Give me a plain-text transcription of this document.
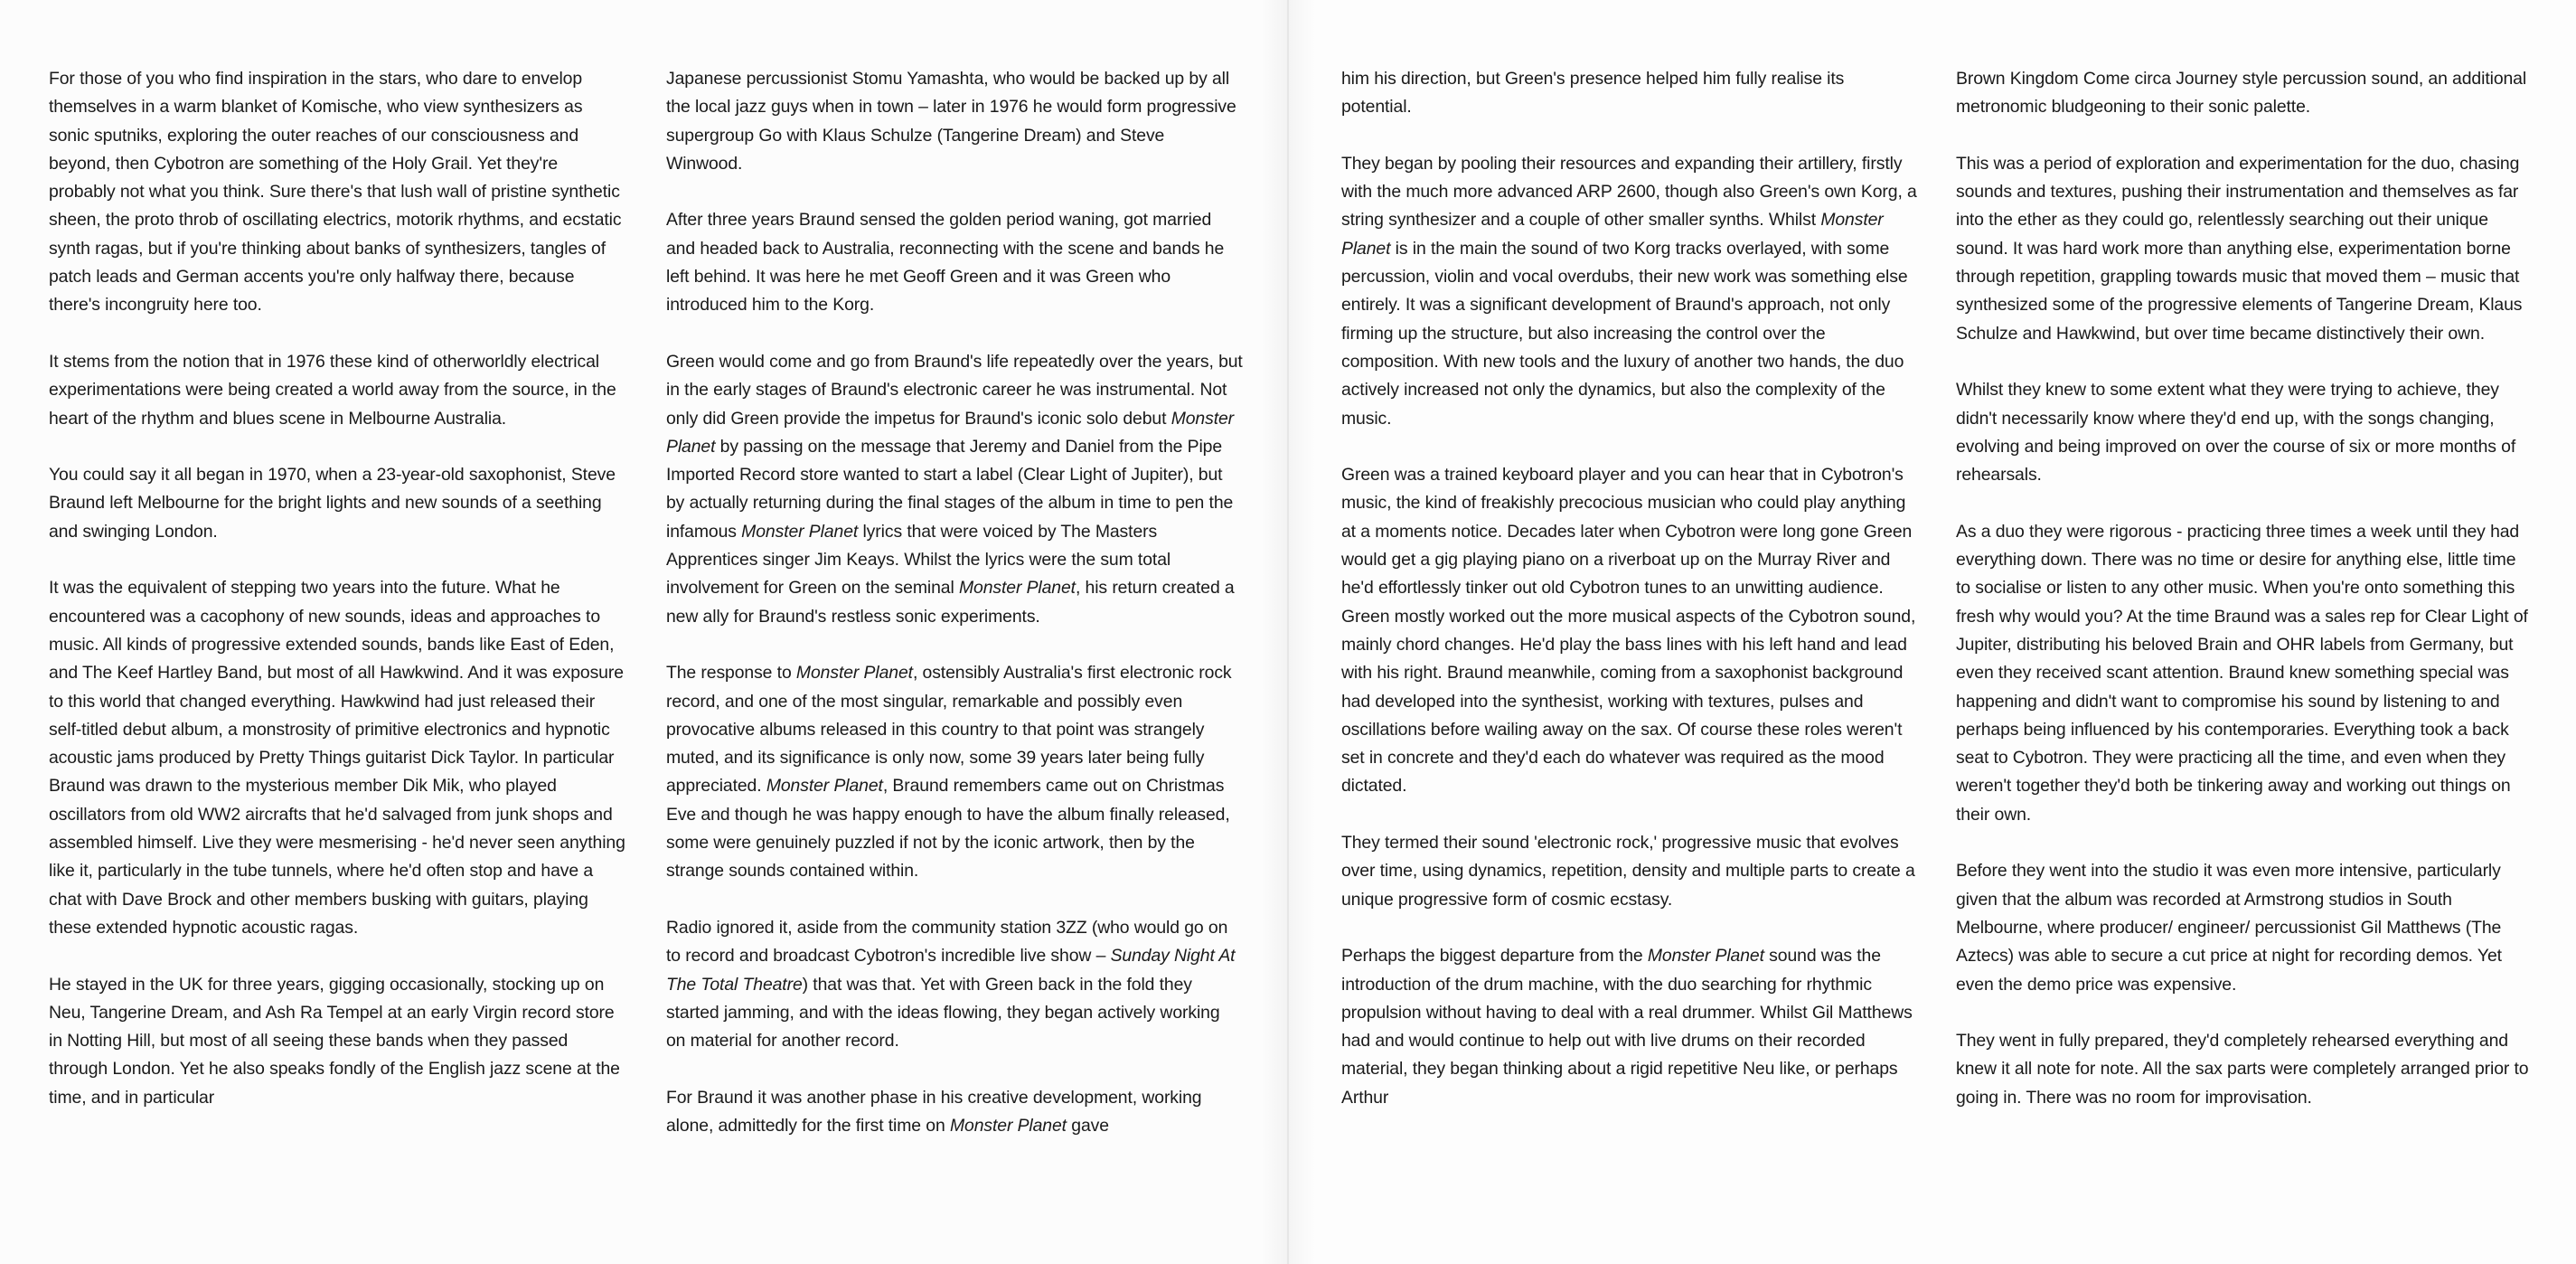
For those of you who find inspiration in the stars, who dare to envelop themselves in a warm blanket of Komische, who view synthesizers as sonic sputniks, exploring the outer reaches of our consciousness and beyond, then Cybotron are something of the Holy Grail. Yet they're probably not what you think. Sure there's that lush wall of pristine synthetic sheen, the proto throb of oscillating electrics, motorik rhythms, and ecstatic synth ragas, but if you're thinking about banks of synthesizers, tangles of patch leads and German accents you're only halfway there, because there's incongruity here too.

It stems from the notion that in 1976 these kind of otherworldly electrical experimentations were being created a world away from the source, in the heart of the rhythm and blues scene in Melbourne Australia.

You could say it all began in 1970, when a 23-year-old saxophonist, Steve Braund left Melbourne for the bright lights and new sounds of a seething and swinging London.

It was the equivalent of stepping two years into the future. What he encountered was a cacophony of new sounds, ideas and approaches to music. All kinds of progressive extended sounds, bands like East of Eden, and The Keef Hartley Band, but most of all Hawkwind. And it was exposure to this world that changed everything. Hawkwind had just released their self-titled debut album, a monstrosity of primitive electronics and hypnotic acoustic jams produced by Pretty Things guitarist Dick Taylor. In particular Braund was drawn to the mysterious member Dik Mik, who played oscillators from old WW2 aircrafts that he'd salvaged from junk shops and assembled himself. Live they were mesmerising - he'd never seen anything like it, particularly in the tube tunnels, where he'd often stop and have a chat with Dave Brock and other members busking with guitars, playing these extended hypnotic acoustic ragas.

He stayed in the UK for three years, gigging occasionally, stocking up on Neu, Tangerine Dream, and Ash Ra Tempel at an early Virgin record store in Notting Hill, but most of all seeing these bands when they passed through London. Yet he also speaks fondly of the English jazz scene at the time, and in particular

Japanese percussionist Stomu Yamashta, who would be backed up by all the local jazz guys when in town – later in 1976 he would form progressive supergroup Go with Klaus Schulze (Tangerine Dream) and Steve Winwood.

After three years Braund sensed the golden period waning, got married and headed back to Australia, reconnecting with the scene and bands he left behind. It was here he met Geoff Green and it was Green who introduced him to the Korg.

Green would come and go from Braund's life repeatedly over the years, but in the early stages of Braund's electronic career he was instrumental. Not only did Green provide the impetus for Braund's iconic solo debut Monster Planet by passing on the message that Jeremy and Daniel from the Pipe Imported Record store wanted to start a label (Clear Light of Jupiter), but by actually returning during the final stages of the album in time to pen the infamous Monster Planet lyrics that were voiced by The Masters Apprentices singer Jim Keays. Whilst the lyrics were the sum total involvement for Green on the seminal Monster Planet, his return created a new ally for Braund's restless sonic experiments.

The response to Monster Planet, ostensibly Australia's first electronic rock record, and one of the most singular, remarkable and possibly even provocative albums released in this country to that point was strangely muted, and its significance is only now, some 39 years later being fully appreciated. Monster Planet, Braund remembers came out on Christmas Eve and though he was happy enough to have the album finally released, some were genuinely puzzled if not by the iconic artwork, then by the strange sounds contained within.

Radio ignored it, aside from the community station 3ZZ (who would go on to record and broadcast Cybotron's incredible live show – Sunday Night At The Total Theatre) that was that. Yet with Green back in the fold they started jamming, and with the ideas flowing, they began actively working on material for another record.

For Braund it was another phase in his creative development, working alone, admittedly for the first time on Monster Planet gave

him his direction, but Green's presence helped him fully realise its potential.

They began by pooling their resources and expanding their artillery, firstly with the much more advanced ARP 2600, though also Green's own Korg, a string synthesizer and a couple of other smaller synths. Whilst Monster Planet is in the main the sound of two Korg tracks overlayed, with some percussion, violin and vocal overdubs, their new work was something else entirely. It was a significant development of Braund's approach, not only firming up the structure, but also increasing the control over the composition. With new tools and the luxury of another two hands, the duo actively increased not only the dynamics, but also the complexity of the music.

Green was a trained keyboard player and you can hear that in Cybotron's music, the kind of freakishly precocious musician who could play anything at a moments notice. Decades later when Cybotron were long gone Green would get a gig playing piano on a riverboat up on the Murray River and he'd effortlessly tinker out old Cybotron tunes to an unwitting audience. Green mostly worked out the more musical aspects of the Cybotron sound, mainly chord changes. He'd play the bass lines with his left hand and lead with his right. Braund meanwhile, coming from a saxophonist background had developed into the synthesist, working with textures, pulses and oscillations before wailing away on the sax. Of course these roles weren't set in concrete and they'd each do whatever was required as the mood dictated.

They termed their sound 'electronic rock,' progressive music that evolves over time, using dynamics, repetition, density and multiple parts to create a unique progressive form of cosmic ecstasy.

Perhaps the biggest departure from the Monster Planet sound was the introduction of the drum machine, with the duo searching for rhythmic propulsion without having to deal with a real drummer. Whilst Gil Matthews had and would continue to help out with live drums on their recorded material, they began thinking about a rigid repetitive Neu like, or perhaps Arthur

Brown Kingdom Come circa Journey style percussion sound, an additional metronomic bludgeoning to their sonic palette.

This was a period of exploration and experimentation for the duo, chasing sounds and textures, pushing their instrumentation and themselves as far into the ether as they could go, relentlessly searching out their unique sound. It was hard work more than anything else, experimentation borne through repetition, grappling towards music that moved them – music that synthesized some of the progressive elements of Tangerine Dream, Klaus Schulze and Hawkwind, but over time became distinctively their own.

Whilst they knew to some extent what they were trying to achieve, they didn't necessarily know where they'd end up, with the songs changing, evolving and being improved on over the course of six or more months of rehearsals.

As a duo they were rigorous - practicing three times a week until they had everything down. There was no time or desire for anything else, little time to socialise or listen to any other music. When you're onto something this fresh why would you? At the time Braund was a sales rep for Clear Light of Jupiter, distributing his beloved Brain and OHR labels from Germany, but even they received scant attention. Braund knew something special was happening and didn't want to compromise his sound by listening to and perhaps being influenced by his contemporaries. Everything took a back seat to Cybotron. They were practicing all the time, and even when they weren't together they'd both be tinkering away and working out things on their own.

Before they went into the studio it was even more intensive, particularly given that the album was recorded at Armstrong studios in South Melbourne, where producer/ engineer/ percussionist Gil Matthews (The Aztecs) was able to secure a cut price at night for recording demos. Yet even the demo price was expensive.

They went in fully prepared, they'd completely rehearsed everything and knew it all note for note. All the sax parts were completely arranged prior to going in. There was no room for improvisation.
